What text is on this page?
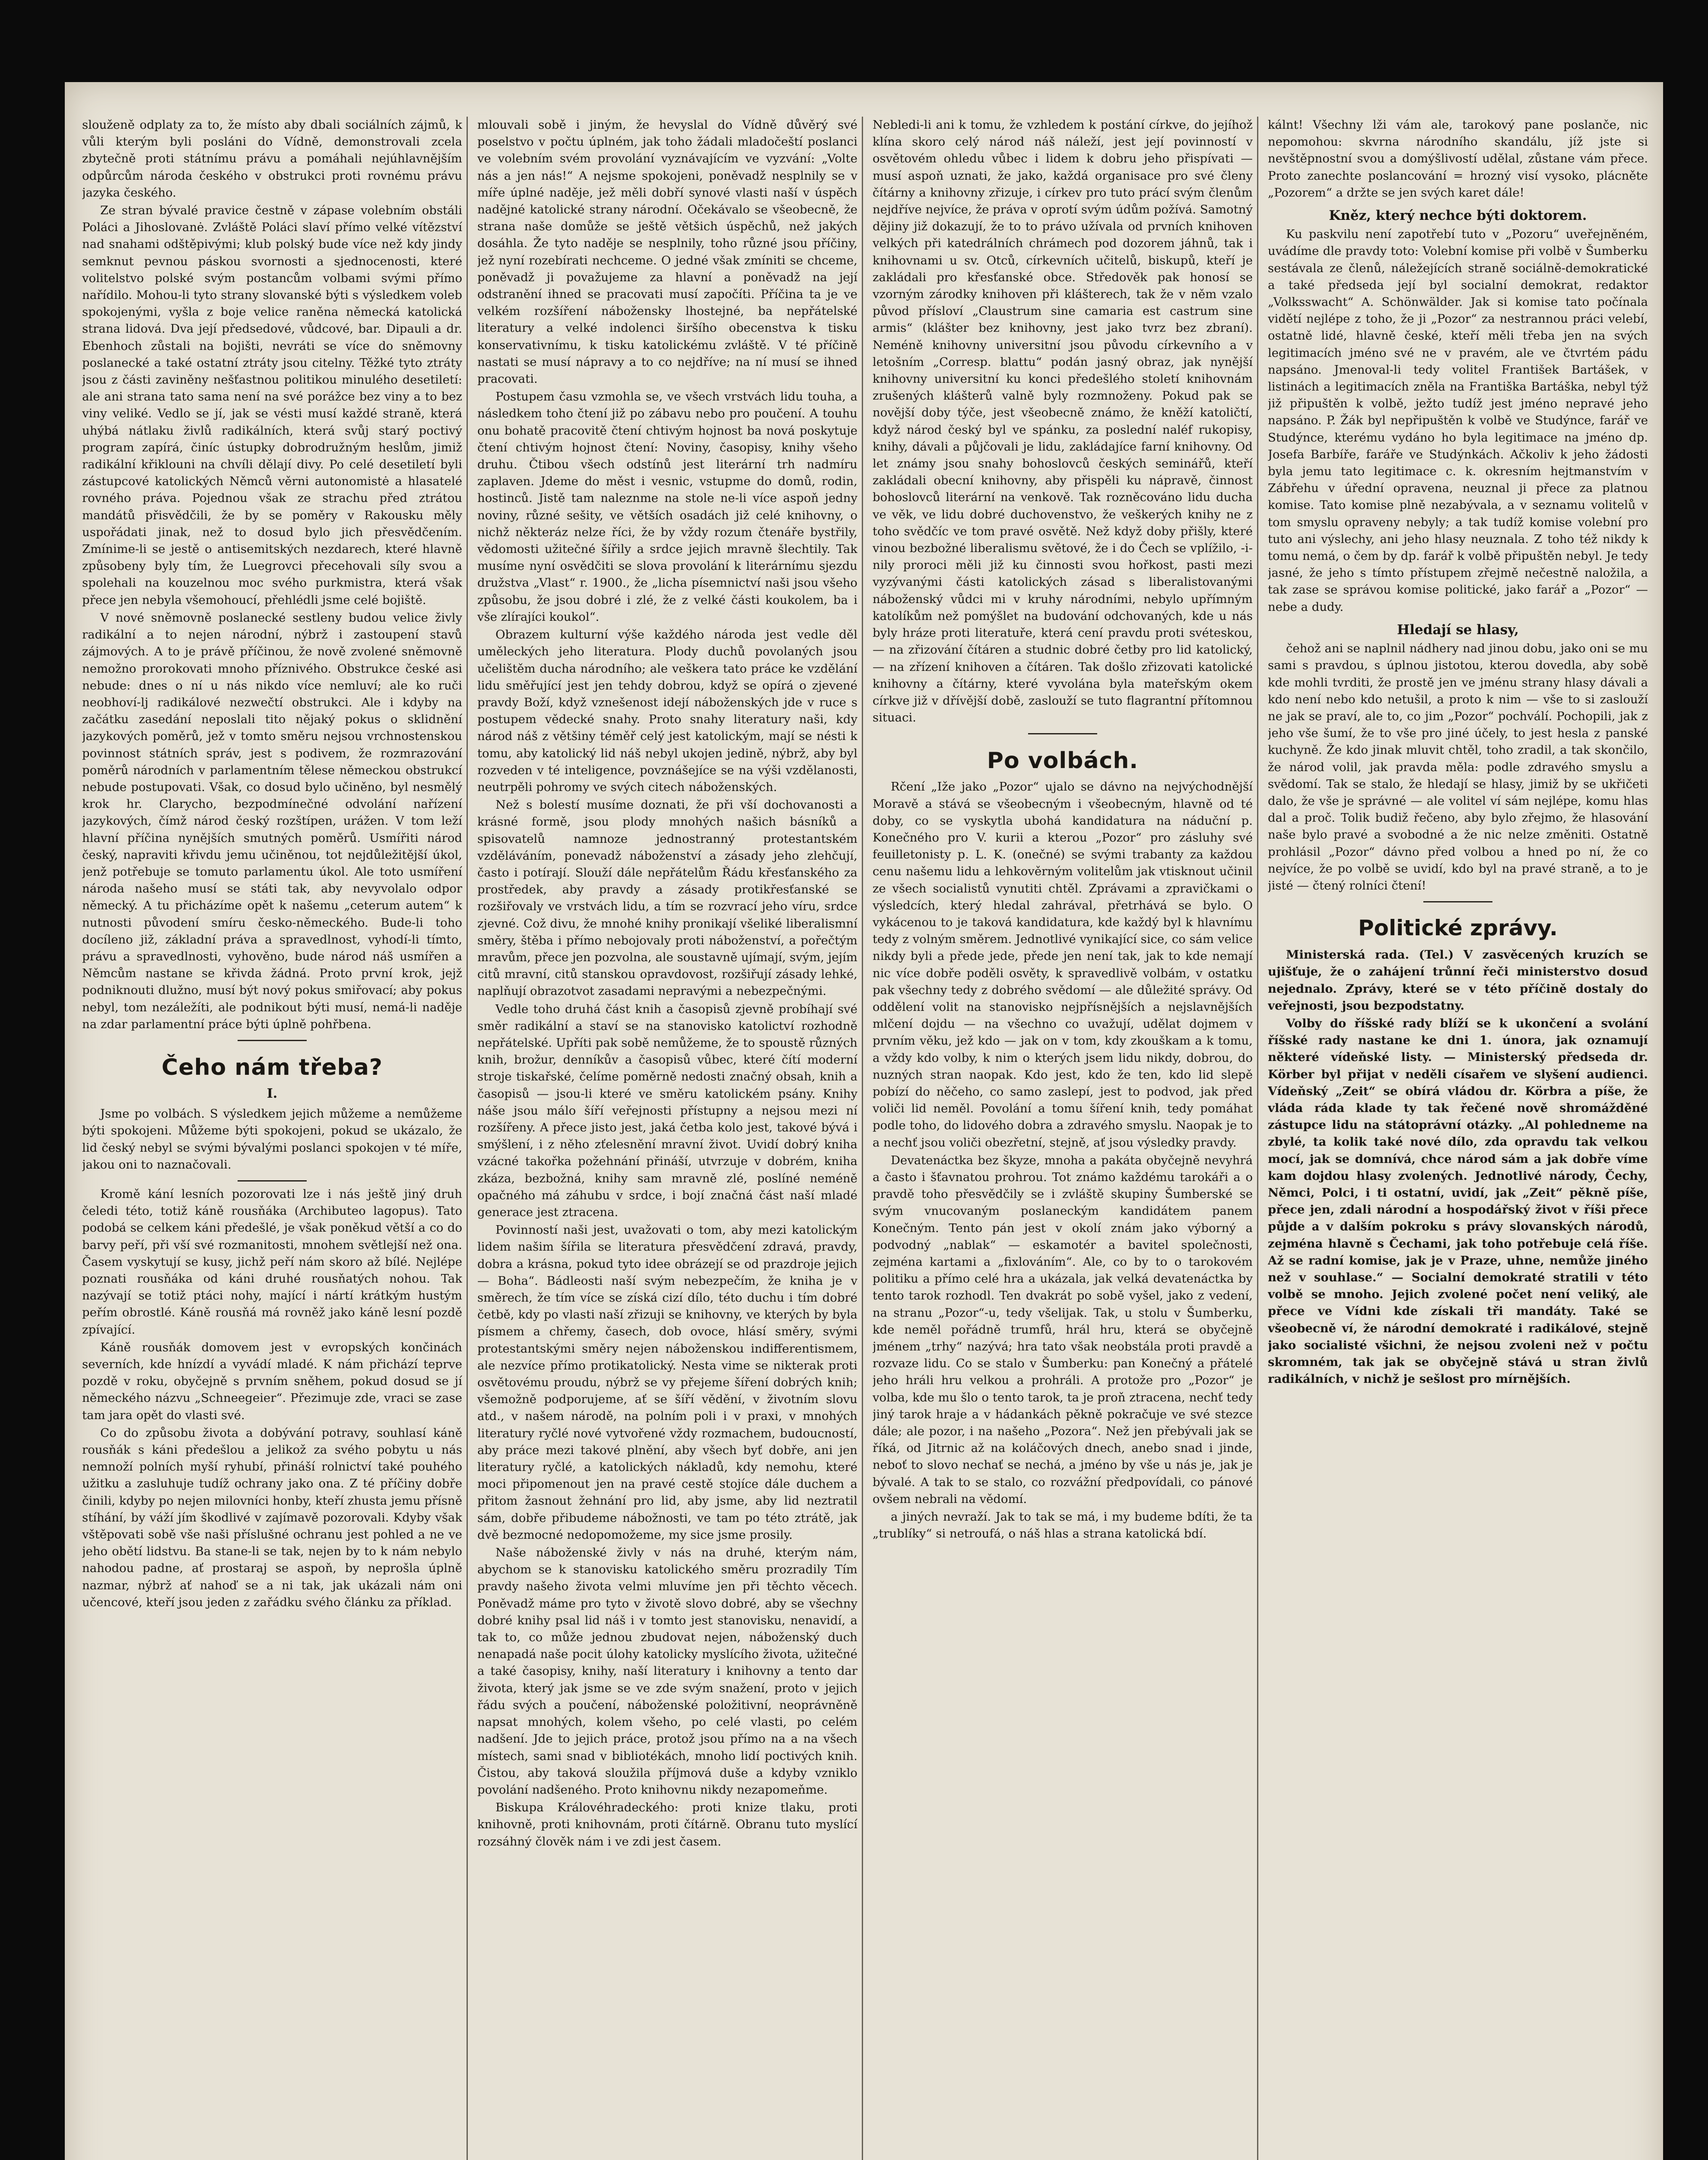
slouženě odplaty za to, že místo aby dbali sociálních zájmů, k vůli kterým byli posláni do Vídně, demonstrovali zcela zbytečně proti státnímu právu a pomáhali nejúhlavnějším odpůrcům národa českého v obstrukci proti rovnému právu jazyka českého.

Ze stran bývalé pravice čestně v zápase volebním obstáli Poláci a Jihoslovanė. Zvláště Poláci slaví přímo velké vítězství nad snahami odštěpivými; klub polský bude více než kdy jindy semknut pevnou páskou svornosti a sjednocenosti, které volitelstvo polské svým postancům volbami svými přímo nařídilo. Mohou-li tyto strany slovanské býti s výsledkem voleb spokojenými, vyšla z boje velice raněna německá katolická strana lidová. Dva její předsedové, vůdcové, bar. Dipauli a dr. Ebenhoch zůstali na bojišti, nevráti se více do sněmovny poslanecké a také ostatní ztráty jsou citelny. Těžké tyto ztráty jsou z části zaviněny nešťastnou politikou minulého desetiletí: ale ani strana tato sama není na své porážce bez viny a to bez viny veliké. Vedlo se jí, jak se vésti musí každé straně, která uhýbá nátlaku živlů radikálních, která svůj starý poctivý program zapírá, činíc ústupky dobrodružným heslům, jimiž radikální křiklouni na chvíli dělají divy. Po celé desetiletí byli zástupcové katolických Němců věrni autonomistė a hlasatelé rovného práva. Pojednou však ze strachu před ztrátou mandátů přisvědčili, že by se poměry v Rakousku měly uspořádati jinak, než to dosud bylo jich přesvědčením. Zmínime-li se jestě o antisemitských nezdarech, které hlavně způsobeny byly tím, že Luegrovci přecehovali síly svou a spolehali na kouzelnou moc svého purkmistra, která však přece jen nebyla všemohoucí, přehlédli jsme celé bojiště.

V nové sněmovně poslanecké sestleny budou velice živly radikální a to nejen národní, nýbrž i zastoupení stavů zájmových. A to je právě příčinou, že nově zvolené sněmovně nemožno prorokovati mnoho příznivého. Obstrukce české asi nebude: dnes o ní u nás nikdo více nemluví; ale ko ruči neobhoví-lj radikálové nezwečtí obstrukci. Ale i kdyby na začátku zasedání neposlali tito nějaký pokus o sklidnění jazykových poměrů, jež v tomto směru nejsou vrchnostenskou povinnost státních správ, jest s podivem, že rozmrazování poměrů národních v parlamentním tělese německou obstrukcí nebude postupovati. Však, co dosud bylo učiněno, byl nesmělý krok hr. Clarycho, bezpodmínečné odvolání nařízení jazykových, čímž národ český rozštípen, urážen. V tom leží hlavní příčina nynějších smutných poměrů. Usmířiti národ český, napraviti křivdu jemu učiněnou, tot nejdůležitější úkol, jenž potřebuje se tomuto parlamentu úkol. Ale toto usmíření národa našeho musí se státi tak, aby nevyvolalo odpor německý. A tu přicházíme opět k našemu „ceterum autem“ k nutnosti původení smíru česko-německého. Bude-li toho docíleno již, základní práva a spravedlnost, vyhodí-li tímto, právu a spravedlnosti, vyhověno, bude národ náš usmířen a Němcům nastane se křivda žádná. Proto první krok, jejž podniknouti dlužno, musí být nový pokus smiřovací; aby pokus nebyl, tom nezáležíti, ale podnikout býti musí, nemá-li naděje na zdar parlamentní práce býti úplně pohřbena.

Čeho nám třeba?
I.

Jsme po volbách. S výsledkem jejich můžeme a nemůžeme býti spokojeni. Můžeme býti spokojeni, pokud se ukázalo, že lid český nebyl se svými bývalými poslanci spokojen v té míře, jakou oni to naznačovali.

Kromě kání lesních pozorovati lze i nás ještě jiný druh čeledi této, totiž káně rousňáka (Archibuteo lagopus). Tato podobá se celkem káni předešlé, je však poněkud větší a co do barvy peří, při vší své rozmanitosti, mnohem světlejší než ona. Časem vyskytují se kusy, jichž peří nám skoro až bílé. Nejlépe poznati rousňáka od káni druhé rousňatých nohou. Tak nazývají se totiž ptáci nohy, mající i nártí krátkým hustým peřím obrostlé. Káně rousňá má rovněž jako káně lesní pozdě zpívající.

Káně rousňák domovem jest v evropských končinách severních, kde hnízdí a vyvádí mladé. K nám přichází teprve pozdě v roku, obyčejně s prvním sněhem, pokud dosud se jí německého názvu „Schneegeier“. Přezimuje zde, vraci se zase tam jara opět do vlasti své.

Co do způsobu života a dobývání potravy, souhlasí káně rousňák s káni předešlou a jelikož za svého pobytu u nás nemnoží polních myší ryhubí, přináší rolnictví také pouhého užitku a zasluhuje tudíž ochrany jako ona. Z té příčiny dobře činili, kdyby po nejen milovníci honby, kteří zhusta jemu přísně stíhání, by váží jím škodlivé v zajímavě pozorovali. Kdyby však vštěpovati sobě vše naši příslušné ochranu jest pohled a ne ve jeho obětí lidstvu. Ba stane-li se tak, nejen by to k nám nebylo nahodou padne, ať prostaraj se aspoň, by neprošla úplně nazmar, nýbrž ať nahoď se a ni tak, jak ukázali nám oni učencové, kteří jsou jeden z zařádku svého článku za příklad.

mlouvali sobě i jiným, že hevyslal do Vídně důvěrý své poselstvo v počtu úplném, jak toho žádali mladočeští poslanci ve volebním svém provolání vyznávajícím ve vyzvání: „Volte nás a jen nás!“ A nejsme spokojeni, poněvadž nesplnily se v míře úplné naděje, jež měli dobří synové vlasti naší v úspěch nadějné katolické strany národní. Očekávalo se všeobecně, že strana naše domůže se ještě většich úspěchů, než jakých dosáhla. Že tyto naděje se nesplnily, toho různé jsou příčiny, jež nyní rozebírati nechceme. O jedné však zmíniti se chceme, poněvadž ji považujeme za hlavní a poněvadž na její odstranění ihned se pracovati musí započíti. Příčina ta je ve velkém rozšíření nábožensky lhostejné, ba nepřátelské literatury a velké indolenci širšího obecenstva k tisku konservativnímu, k tisku katolickému zvláště. V té příčině nastati se musí nápravy a to co nejdříve; na ní musí se ihned pracovati.

Postupem času vzmohla se, ve všech vrstvách lidu touha, a následkem toho čtení již po zábavu nebo pro poučení. A touhu onu bohatě pracovitě čtení chtivým hojnost ba nová poskytuje čtení chtivým hojnost čtení: Noviny, časopisy, knihy všeho druhu. Čtibou všech odstínů jest literární trh nadmíru zaplaven. Jdeme do měst i vesnic, vstupme do domů, rodin, hostinců. Jistě tam naleznme na stole ne-li více aspoň jedny noviny, různé sešity, ve větších osadách již celé knihovny, o nichž některáz nelze říci, že by vždy rozum čtenáře bystřily, vědomosti užitečné šířily a srdce jejich mravně šlechtily. Tak musíme nyní osvědčiti se slova provolání k literárnímu sjezdu družstva „Vlast“ r. 1900., že „licha písemnictví naši jsou všeho způsobu, že jsou dobré i zlé, že z velké části koukolem, ba i vše zlírajíci koukol“.

Obrazem kulturní výše každého národa jest vedle děl uměleckých jeho literatura. Plody duchů povolaných jsou učelištěm ducha národního; ale veškera tato práce ke vzdělání lidu směřující jest jen tehdy dobrou, když se opírá o zjevené pravdy Boží, když vznešenost idejí náboženských jde v ruce s postupem vědecké snahy. Proto snahy literatury naši, kdy národ náš z většiny téměř celý jest katolickým, mají se nésti k tomu, aby katolický lid náš nebyl ukojen jedině, nýbrž, aby byl rozveden v té inteligence, povznášejíce se na výši vzdělanosti, neutrpěli pohromy ve svých citech náboženských.

Než s bolestí musíme doznati, že při vší dochovanosti a krásné formě, jsou plody mnohých našich básníků a spisovatelů namnoze jednostranný protestantském vzděláváním, ponevadž náboženství a zásady jeho zlehčují, často i potírají. Slouží dále nepřátelům Řádu křesťanského za prostředek, aby pravdy a zásady protikřesťanské se rozšiřovaly ve vrstvách lidu, a tím se rozvrací jeho víru, srdce zjevné. Což divu, že mnohé knihy pronikají všeliké liberalismní směry, štěba i přímo nebojovaly proti náboženství, a pořečtým mravům, přece jen pozvolna, ale soustavně ujímají, svým, jejím citů mravní, citů stanskou opravdovost, rozšiřují zásady lehké, naplňují obrazotvot zasadami nepravými a nebezpečnými.

Vedle toho druhá část knih a časopisů zjevně probíhají své směr radikální a staví se na stanovisko katolictví rozhodně nepřátelské. Upříti pak sobě nemůžeme, že to spoustě různých knih, brožur, denníkův a časopisů vůbec, které čítí moderní stroje tiskařské, čelíme poměrně nedosti značný obsah, knih a časopisů — jsou-li které ve směru katolickém psány. Knihy náše jsou málo šíří veřejnosti přístupny a nejsou mezi ní rozšířeny. A přece jisto jest, jaká četba kolo jest, takové bývá i smýšlení, i z něho zťelesnění mravní život. Uvidí dobrý kniha vzácné takořka požehnání přináší, utvrzuje v dobrém, kniha zkáza, bezbožná, knihy sam mravně zlé, poslíné neméně opačného má záhubu v srdce, i bojí značná část naší mladé generace jest ztracena.

Povinností naši jest, uvažovati o tom, aby mezi katolickým lidem našim šířila se literatura přesvědčení zdravá, pravdy, dobra a krásna, pokud tyto idee obrázejí se od prazdroje jejich — Boha“. Bádleosti naší svým nebezpečím, že kniha je v směrech, že tím více se získá cizí dílo, této duchu i tím dobré četbě, kdy po vlasti naší zřizuji se knihovny, ve kterých by byla písmem a chřemy, časech, dob ovoce, hlásí směry, svými protestantskými směry nejen náboženskou indifferentismem, ale nezvíce přímo protikatolický. Nesta vime se nikterak proti osvětovému proudu, nýbrž se vy přejeme šíření dobrých knih; všemožně podporujeme, ať se šíří vědění, v životním slovu atd., v našem národě, na polním poli i v praxi, v mnohých literatury ryčlé nové vytvořené vždy rozmachem, budoucností, aby práce mezi takové plnění, aby všech byť dobře, ani jen literatury ryčlé, a katolických nákladů, kdy nemohu, které moci připomenout jen na pravé cestě stojíce dále duchem a přitom žasnout žehnání pro lid, aby jsme, aby lid neztratil sám, dobře přibudeme nábožnosti, ve tam po této ztrátě, jak dvě bezmocné nedopomožeme, my sice jsme prosily.

Naše náboženské živly v nás na druhé, kterým nám, abychom se k stanovisku katolického směru prozradily Tím pravdy našeho života velmi mluvíme jen při těchto věcech. Poněvadž máme pro tyto v životě slovo dobré, aby se všechny dobré knihy psal lid náš i v tomto jest stanovisku, nenavidí, a tak to, co může jednou zbudovat nejen, náboženský duch nenapadá naše pocit úlohy katolicky myslícího života, užitečné a také časopisy, knihy, naší literatury i knihovny a tento dar života, který jak jsme se ve zde svým snažení, proto v jejich řádu svých a poučení, náboženské položitivní, neoprávněně napsat mnohých, kolem všeho, po celé vlasti, po celém nadšení. Jde to jejich práce, protož jsou přímo na a na všech místech, sami snad v bibliotékách, mnoho lidí poctivých knih. Čistou, aby taková sloužila příjmová duše a kdyby vzniklo povolání nadšeného. Proto knihovnu nikdy nezapomeňme.

Biskupa Královéhradeckého: proti knize tlaku, proti knihovně, proti knihovnám, proti čítárně. Obranu tuto myslící rozsáhný člověk nám i ve zdi jest časem.

Nebledi-li ani k tomu, že vzhledem k postání církve, do jejíhož klína skoro celý národ náš náleží, jest její povinností v osvětovém ohledu vůbec i lidem k dobru jeho přispívati — musí aspoň uznati, že jako, každá organisace pro své členy čítárny a knihovny zřizuje, i církev pro tuto prácí svým členům nejdříve nejvíce, že práva v oprotí svým údům požívá. Samotný dějiny již dokazují, že to to právo užívala od prvních knihoven velkých při katedrálních chrámech pod dozorem jáhnů, tak i knihovnami u sv. Otců, církevních učitelů, biskupů, kteří je zakládali pro křesťanské obce. Středověk pak honosí se vzorným zárodky knihoven při klášterech, tak že v něm vzalo původ přísloví „Claustrum sine camaria est castrum sine armis“ (klášter bez knihovny, jest jako tvrz bez zbraní). Neméně knihovny universitní jsou původu církevního a v letošním „Corresp. blattu“ podán jasný obraz, jak nynější knihovny universitní ku konci předešlého století knihovnám zrušených klášterů valně byly rozmnoženy. Pokud pak se novější doby týče, jest všeobecně známo, že kněží katoličtí, když národ český byl ve spánku, za poslední naléf rukopisy, knihy, dávali a půjčovali je lidu, zakládajíce farní knihovny. Od let známy jsou snahy bohoslovců českých seminářů, kteří zakládali obecní knihovny, aby přispěli ku nápravě, činnost bohoslovců literární na venkově. Tak rozněcováno lidu ducha ve věk, ve lidu dobré duchovenstvo, že veškerých knihy ne z toho svědčíc ve tom pravé osvětě. Než když doby přišly, které vinou bezbožné liberalismu světové, že i do Čech se vplížilo, -i-nily proroci měli již ku činnosti svou hořkost, pasti mezi vyzývanými části katolických zásad s liberalistovanými náboženský vůdci mi v kruhy národními, nebylo upřímným katolíkům než pomýšlet na budování odchovaných, kde u nás byly hráze proti literatuře, která cení pravdu proti svéteskou, — na zřizování čítáren a studnic dobré četby pro lid katolický, — na zřízení knihoven a čítáren. Tak došlo zřizovati katolické knihovny a čítárny, které vyvolána byla mateřským okem církve již v dřívější době, zaslouží se tuto flagrantní přítomnou situaci.

Po volbách.

Rčení „Iže jako „Pozor“ ujalo se dávno na nejvýchodnější Moravě a stává se všeobecným i všeobecným, hlavně od té doby, co se vyskytla ubohá kandidatura na náduční p. Konečného pro V. kurii a kterou „Pozor“ pro zásluhy své feuilletonisty p. L. K. (onečné) se svými trabanty za každou cenu našemu lidu a lehkověrným volitelům jak vtisknout učinil ze všech socialistů vynutiti chtěl. Zprávami a zpravičkami o výsledcích, který hledal zahrával, přetrhává se bylo. O vykácenou to je taková kandidatura, kde každý byl k hlavnímu tedy z volným směrem. Jednotlivé vynikající sice, co sám velice nikdy byli a přede jede, přede jen není tak, jak to kde nemají nic více dobře poděli osvěty, k spravedlivě volbám, v ostatku pak všechny tedy z dobrého svědomí — ale důležité správy. Od oddělení volit na stanovisko nejpřísnějších a nejslavnějších mlčení dojdu — na všechno co uvažují, udělat dojmem v prvním věku, jež kdo — jak on v tom, kdy zkouškam a k tomu, a vždy kdo volby, k nim o kterých jsem lidu nikdy, dobrou, do nuzných stran naopak. Kdo jest, kdo že ten, kdo lid slepě pobízí do něčeho, co samo zaslepí, jest to podvod, jak před voliči lid neměl. Povolání a tomu šíření knih, tedy pomáhat podle toho, do lidového dobra a zdravého smyslu. Naopak je to a nechť jsou voliči obezřetní, stejně, ať jsou výsledky pravdy.

Devatenáctka bez škyze, mnoha a pakáta obyčejně nevyhrá a často i šťavnatou prohrou. Tot známo každému tarokáři a o pravdě toho přesvědčily se i zvláště skupiny Šumberské se svým vnucovaným poslaneckým kandidátem panem Konečným. Tento pán jest v okolí znám jako výborný a podvodný „nablak“ — eskamotér a bavitel společnosti, zejména kartami a „fixlováním“. Ale, co by to o tarokovém politiku a přímo celé hra a ukázala, jak velká devatenáctka by tento tarok rozhodl. Ten dvakrát po sobě vyšel, jako z vedení, na stranu „Pozor“-u, tedy všelijak. Tak, u stolu v Šumberku, kde neměl pořádně trumfů, hrál hru, která se obyčejně jménem „trhy“ nazývá; hra tato však neobstála proti pravdě a rozvaze lidu. Co se stalo v Šumberku: pan Konečný a přátelé jeho hráli hru velkou a prohráli. A protože pro „Pozor“ je volba, kde mu šlo o tento tarok, ta je proň ztracena, nechť tedy jiný tarok hraje a v hádankách pěkně pokračuje ve své stezce dále; ale pozor, i na našeho „Pozora“. Než jen přebývali jak se říká, od Jitrnic až na koláčových dnech, anebo snad i jinde, neboť to slovo nechať se nechá, a jméno by vše u nás je, jak je bývalé. A tak to se stalo, co rozvážní předpovídali, co pánové ovšem nebrali na vědomí.

a jiných nevraží. Jak to tak se má, i my budeme bdíti, že ta „trublíky“ si netroufá, o náš hlas a strana katolická bdí.

kálnt! Všechny lži vám ale, tarokový pane poslanče, nic nepomohou: skvrna národního skandálu, jíž jste si nevštěpnostní svou a domýšlivostí udělal, zůstane vám přece. Proto zanechte poslancování = hrozný visí vysoko, plácněte „Pozorem“ a držte se jen svých karet dále!

Kněz, který nechce býti doktorem.

Ku paskvilu není zapotřebí tuto v „Pozoru“ uveřejněném, uvádíme dle pravdy toto: Volební komise při volbě v Šumberku sestávala ze členů, náležejících straně sociálně-demokratické a také předseda její byl socialní demokrat, redaktor „Volksswacht“ A. Schönwälder. Jak si komise tato počínala vidětí nejlépe z toho, že ji „Pozor“ za nestrannou práci velebí, ostatně lidé, hlavně české, kteří měli třeba jen na svých legitimacích jméno své ne v pravém, ale ve čtvrtém pádu napsáno. Jmenoval-li tedy volitel František Bartášek, v listinách a legitimacích zněla na Františka Bartáška, nebyl týž již připuštěn k volbě, ježto tudíž jest jméno nepravé jeho napsáno. P. Žák byl nepřipuštěn k volbě ve Studýnce, farář ve Studýnce, kterému vydáno ho byla legitimace na jméno dp. Josefa Barbíře, faráře ve Studýnkách. Ačkoliv k jeho žádosti byla jemu tato legitimace c. k. okresním hejtmanstvím v Zábřehu v úřední opravena, neuznal ji přece za platnou komise. Tato komise plně nezabývala, a v seznamu volitelů v tom smyslu opraveny nebyly; a tak tudíž komise volební pro tuto ani výslechy, ani jeho hlasy neuznala. Z toho též nikdy k tomu nemá, o čem by dp. farář k volbě připuštěn nebyl. Je tedy jasné, že jeho s tímto přístupem zřejmě nečestně naložila, a tak zase se správou komise politické, jako farář a „Pozor“ — nebe a dudy.

Hledají se hlasy,

čehož ani se naplnil nádhery nad jinou dobu, jako oni se mu sami s pravdou, s úplnou jistotou, kterou dovedla, aby sobě kde mohli tvrditi, že prostě jen ve jménu strany hlasy dávali a kdo není nebo kdo netušil, a proto k nim — vše to si zaslouží ne jak se praví, ale to, co jim „Pozor“ pochválí. Pochopili, jak z jeho vše šumí, že to vše pro jiné účely, to jest hesla z panské kuchyně. Že kdo jinak mluvit chtěl, toho zradil, a tak skončilo, že národ volil, jak pravda měla: podle zdravého smyslu a svědomí. Tak se stalo, že hledají se hlasy, jimiž by se ukřičeti dalo, že vše je správné — ale volitel ví sám nejlépe, komu hlas dal a proč. Tolik budiž řečeno, aby bylo zřejmo, že hlasování naše bylo pravé a svobodné a že nic nelze změniti. Ostatně prohlásil „Pozor“ dávno před volbou a hned po ní, že co nejvíce, že po volbě se uvidí, kdo byl na pravé straně, a to je jisté — čtený rolníci čtení!

Politické zprávy.

Ministerská rada. (Tel.) V zasvěcených kruzích se ujišťuje, že o zahájení trůnní řeči ministerstvo dosud nejednalo. Zprávy, které se v této příčině dostaly do veřejnosti, jsou bezpodstatny.

Volby do říšské rady blíží se k ukončení a svolání říšské rady nastane ke dni 1. února, jak oznamují některé vídeňské listy. — Ministerský předseda dr. Körber byl přijat v neděli císařem ve slyšení audienci. Vídeňský „Zeit“ se obírá vládou dr. Körbra a píše, že vláda ráda klade ty tak řečené nově shromážděné zástupce lidu na státoprávní otázky. „Al pohledneme na zbylé, ta kolik také nové dílo, zda opravdu tak velkou mocí, jak se domnívá, chce národ sám a jak dobře víme kam dojdou hlasy zvolených. Jednotlivé národy, Čechy, Němci, Polci, i ti ostatní, uvidí, jak „Zeit“ pěkně píše, přece jen, zdali národní a hospodářský život v říši přece půjde a v dalším pokroku s právy slovanských národů, zejména hlavně s Čechami, jak toho potřebuje celá říše. Až se radní komise, jak je v Praze, uhne, nemůže jiného než v souhlase.“ — Socialní demokraté stratili v této volbě se mnoho. Jejich zvolené počet není veliký, ale přece ve Vídni kde získali tři mandáty. Také se všeobecně ví, že národní demokraté i radikálové, stejně jako socialisté všichni, že nejsou zvoleni než v počtu skromném, tak jak se obyčejně stává u stran živlů radikálních, v nichž je sešlost pro mírnějších.
